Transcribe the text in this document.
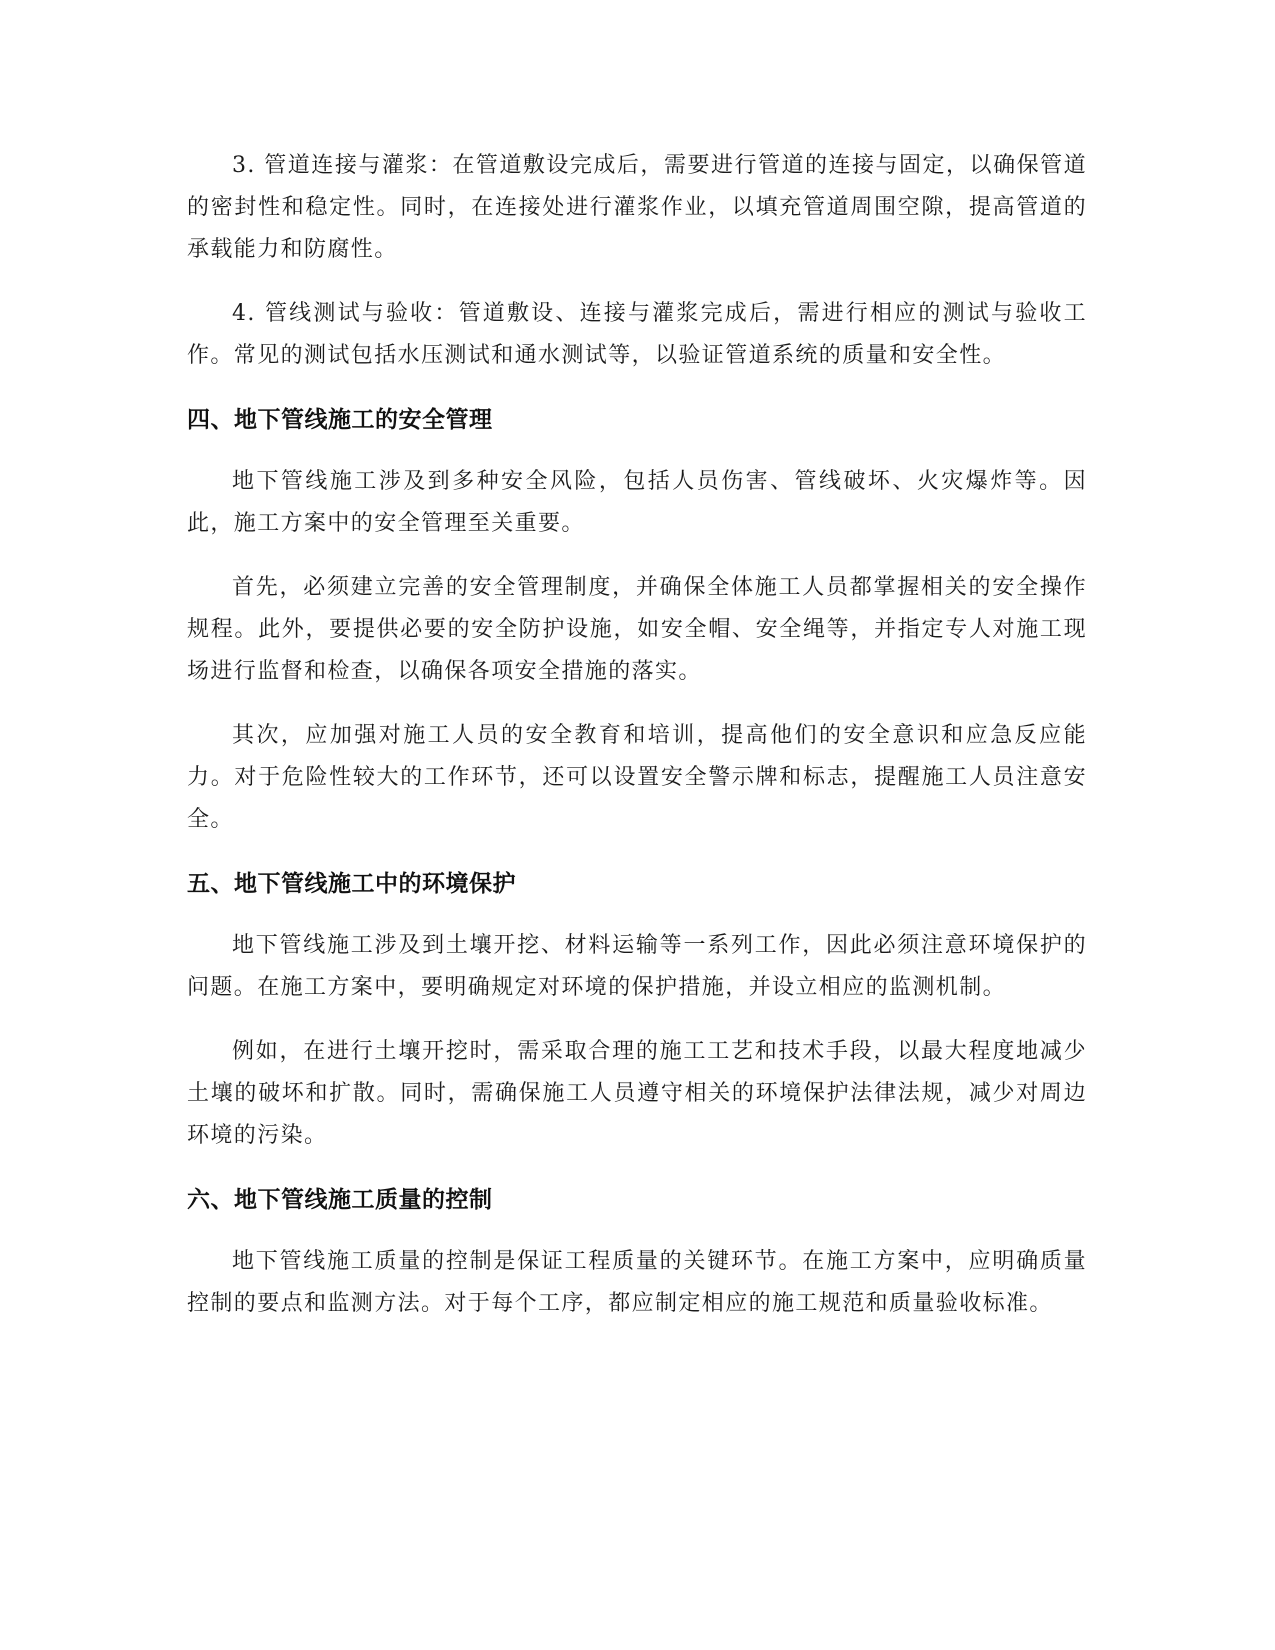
3. 管道连接与灌浆：在管道敷设完成后，需要进行管道的连接与固定，以确保管道的密封性和稳定性。同时，在连接处进行灌浆作业，以填充管道周围空隙，提高管道的承载能力和防腐性。

4. 管线测试与验收：管道敷设、连接与灌浆完成后，需进行相应的测试与验收工作。常见的测试包括水压测试和通水测试等，以验证管道系统的质量和安全性。

四、地下管线施工的安全管理

地下管线施工涉及到多种安全风险，包括人员伤害、管线破坏、火灾爆炸等。因此，施工方案中的安全管理至关重要。

首先，必须建立完善的安全管理制度，并确保全体施工人员都掌握相关的安全操作规程。此外，要提供必要的安全防护设施，如安全帽、安全绳等，并指定专人对施工现场进行监督和检查，以确保各项安全措施的落实。

其次，应加强对施工人员的安全教育和培训，提高他们的安全意识和应急反应能力。对于危险性较大的工作环节，还可以设置安全警示牌和标志，提醒施工人员注意安全。

五、地下管线施工中的环境保护

地下管线施工涉及到土壤开挖、材料运输等一系列工作，因此必须注意环境保护的问题。在施工方案中，要明确规定对环境的保护措施，并设立相应的监测机制。

例如，在进行土壤开挖时，需采取合理的施工工艺和技术手段，以最大程度地减少土壤的破坏和扩散。同时，需确保施工人员遵守相关的环境保护法律法规，减少对周边环境的污染。

六、地下管线施工质量的控制

地下管线施工质量的控制是保证工程质量的关键环节。在施工方案中，应明确质量控制的要点和监测方法。对于每个工序，都应制定相应的施工规范和质量验收标准。
